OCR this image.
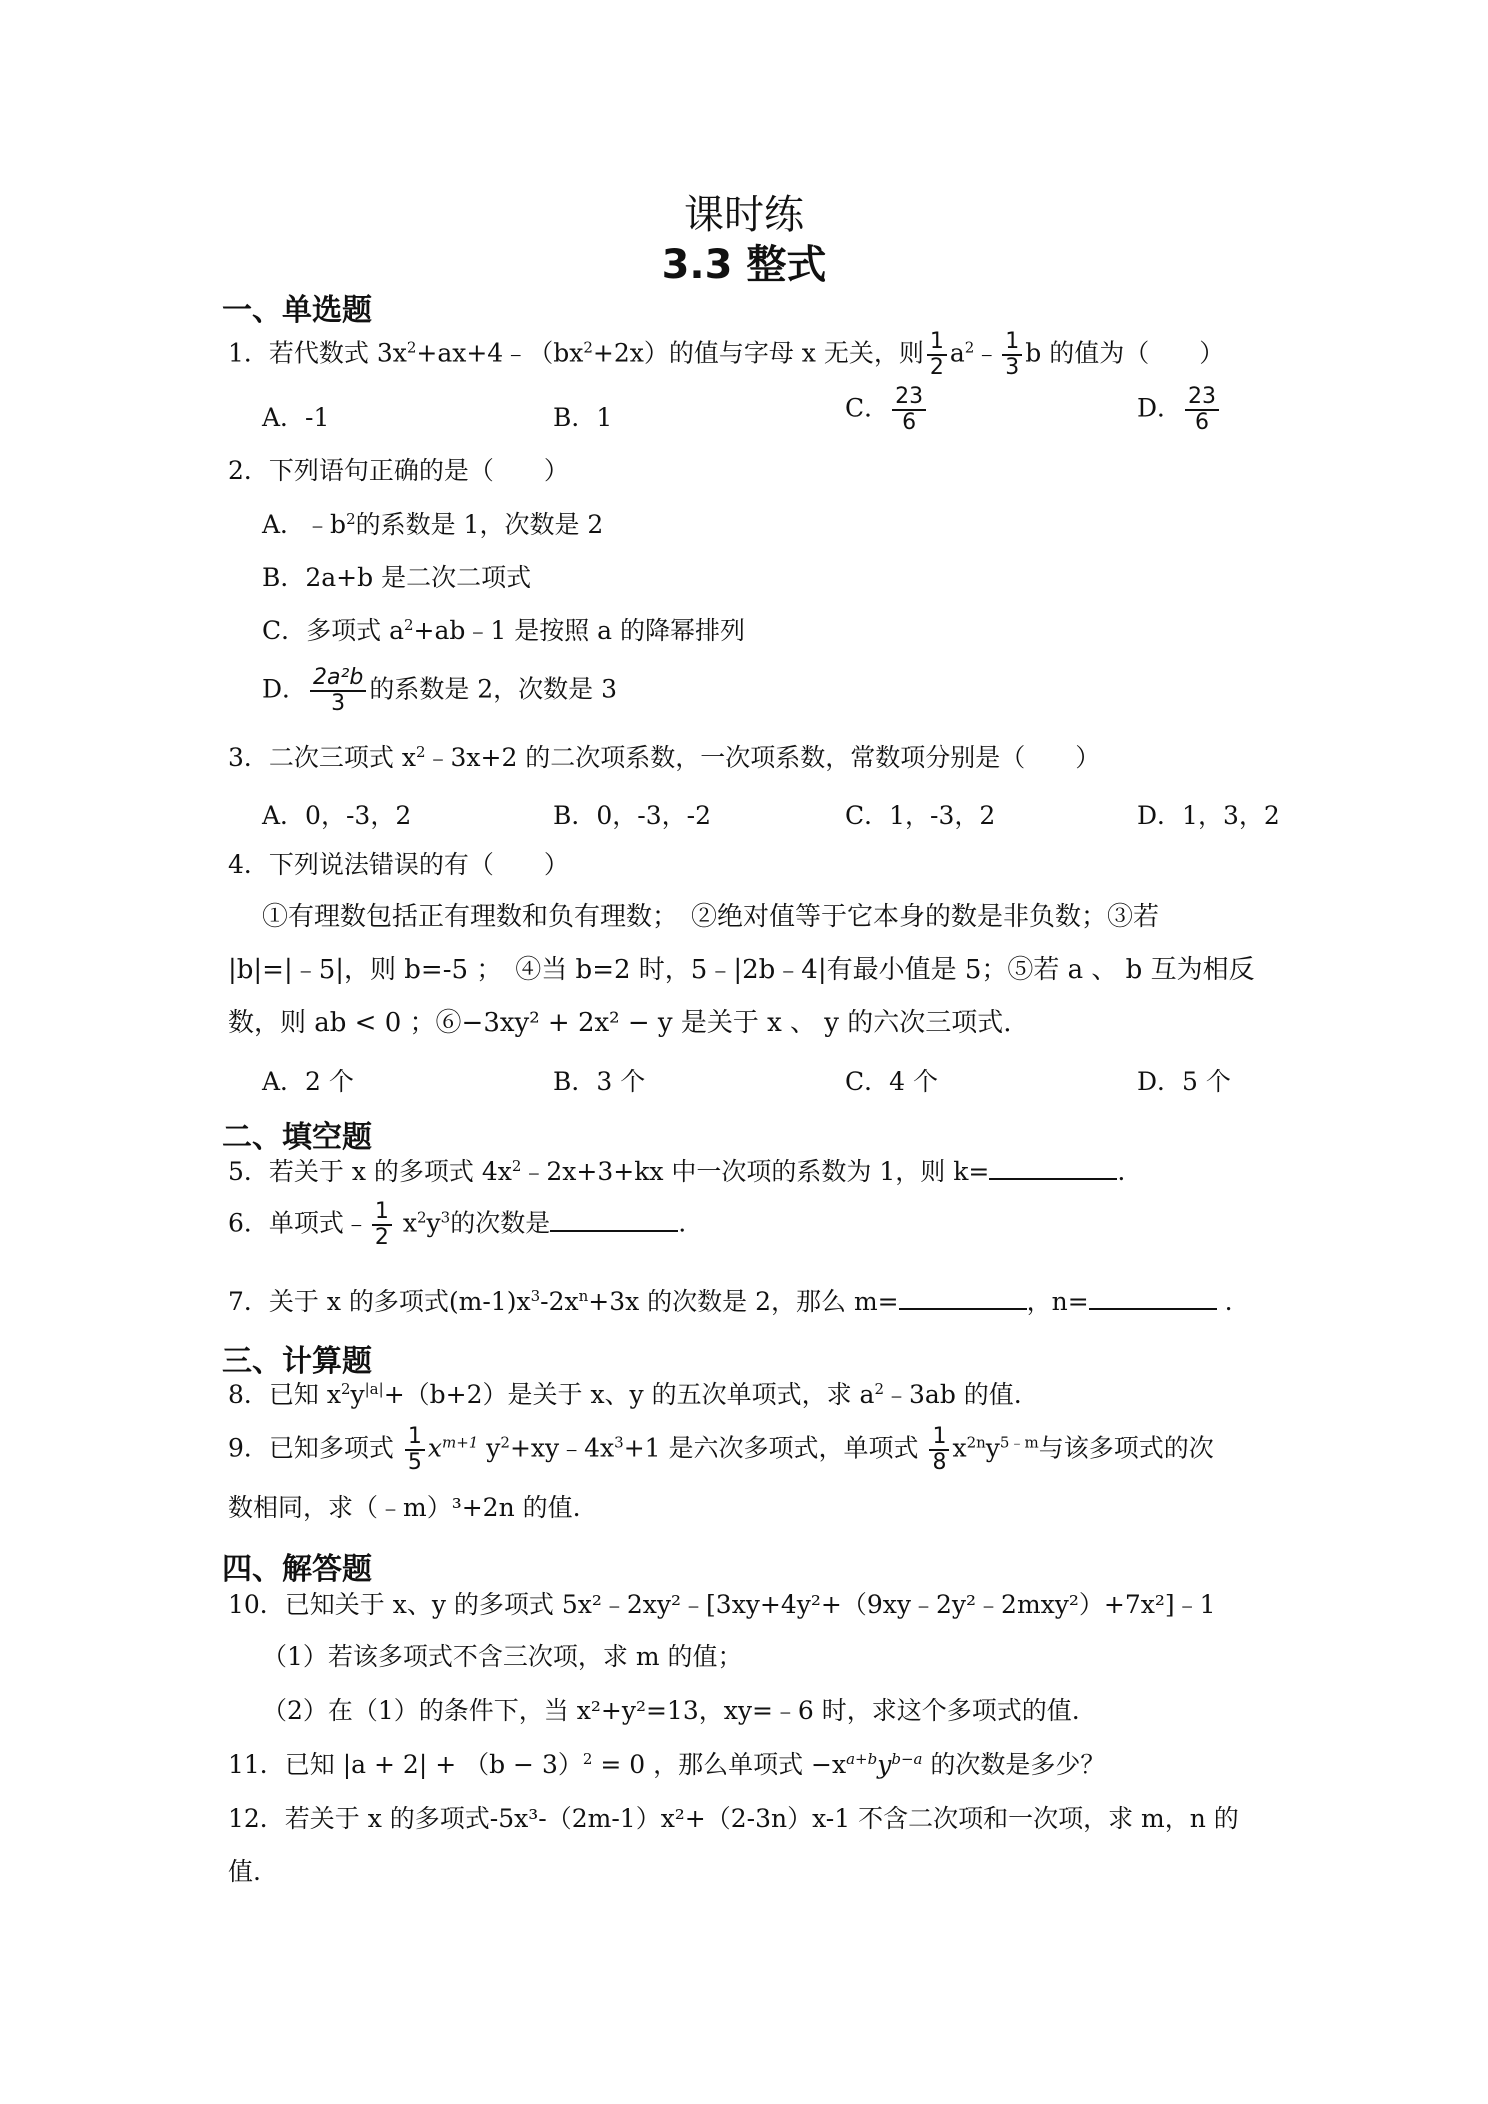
课时练
3.3 整式
一、单选题
1．若代数式 $3x^2+ax+4﹣(bx^2+2x)$的值与字母 x 无关，则 $\frac{1}{2}$ $a^2﹣ \frac{1}{3}$ b 的值为（　　）
A．-1	B．1	C． $\frac{23}{6}$	D． $\frac{23}{6}$
2．下列语句正确的是（　　）
A．$﹣b^2$的系数是 1，次数是 2
B．2a+b 是二次二项式
C．多项式 $a^2+ab﹣1$ 是按照 a 的降幂排列
D． $\frac{\text{2a²b}}{3}$ 的系数是 2，次数是 3
3．二次三项式 $x^2﹣3x+2$ 的二次项系数，一次项系数，常数项分别是（　　）
A．0，-3，2	B．0，-3，-2	C．1，-3，2	D．1，3，2
4．下列说法错误的有（　　）
①有理数包括正有理数和负有理数；　②绝对值等于它本身的数是非负数；③若
|b|=|﹣5|，则 b=-5 ；　④当 b=2 时，5﹣|2b﹣4|有最小值是 5；⑤若 a 、 b 互为相反
数，则 ab < 0 ；⑥−3xy² + 2x² − y 是关于 x 、 y 的六次三项式.
A．2 个	B．3 个	C．4 个	D．5 个
二、填空题
5．若关于 x 的多项式 $4x^2﹣2x+3+kx$ 中一次项的系数为 1，则 k=	.
6．单项式﹣ $\frac{1}{2} x^2y^3$的次数是	.
7．关于 x 的多项式$(m-1)x^3-2x^n+3x$ 的次数是 2，那么 m=	，n=	.
三、计算题
8．已知 $x^2y^{|a|}+(b+2)$是关于 x、y 的五次单项式，求 $a^2﹣3ab$ 的值.
9．已知多项式 $\frac{1}{5} x^{m+1}$ $y^2+xy﹣4x^3+1$ 是六次多项式，单项式 $\frac{1}{8} x^{2n}y^{5﹣m}$与该多项式的次
数相同，求（﹣m）³+2n 的值.
四、解答题
10．已知关于 x、y 的多项式 5x²﹣2xy²﹣[3xy+4y²+（9xy﹣2y²﹣2mxy²）+7x²]﹣1
（1）若该多项式不含三次项，求 m 的值；
（2）在（1）的条件下，当 x²+y²=13，xy=﹣6 时，求这个多项式的值.
11．已知 $|a + 2| + (b - 3)^2 = 0$ ，那么单项式 $-x^{a+b}y^{b-a}$ 的次数是多少？
12．若关于 x 的多项式-5x³-（2m-1）x²+（2-3n）x-1 不含二次项和一次项，求 m，n 的
值.
